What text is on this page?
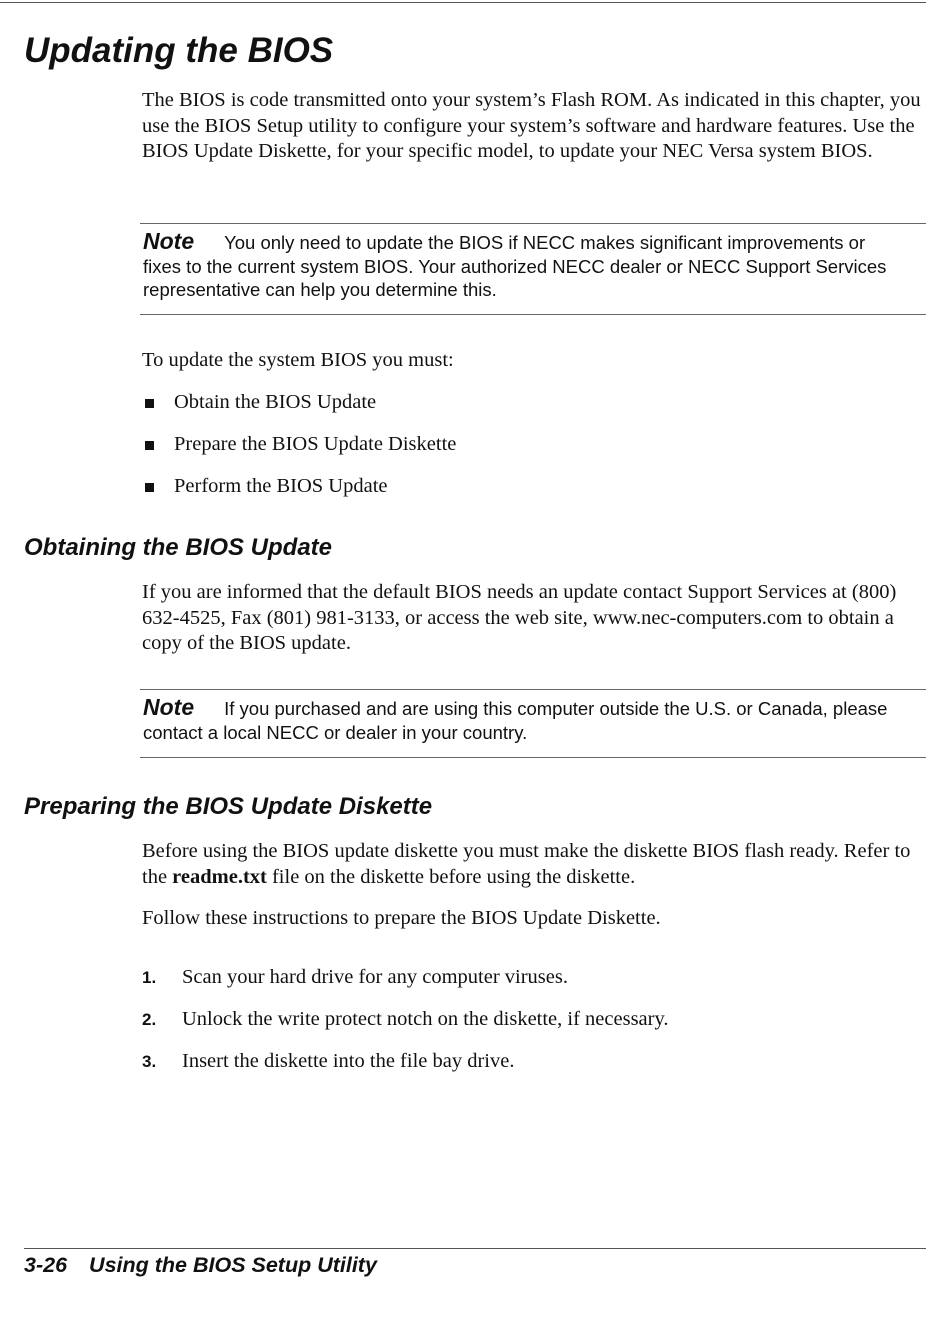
Updating the BIOS

The BIOS is code transmitted onto your system’s Flash ROM. As indicated in this chapter, you use the BIOS Setup utility to configure your system’s software and hardware features. Use the BIOS Update Diskette, for your specific model, to update your NEC Versa system BIOS.

Note You only need to update the BIOS if NECC makes significant improvements or fixes to the current system BIOS. Your authorized NECC dealer or NECC Support Services representative can help you determine this.

To update the system BIOS you must:

Obtain the BIOS Update
Prepare the BIOS Update Diskette
Perform the BIOS Update
Obtaining the BIOS Update

If you are informed that the default BIOS needs an update contact Support Services at (800) 632-4525, Fax (801) 981-3133, or access the web site, www.nec-computers.com to obtain a copy of the BIOS update.

Note If you purchased and are using this computer outside the U.S. or Canada, please contact a local NECC or dealer in your country.
Preparing the BIOS Update Diskette

Before using the BIOS update diskette you must make the diskette BIOS flash ready. Refer to the readme.txt file on the diskette before using the diskette.

Follow these instructions to prepare the BIOS Update Diskette.

1. Scan your hard drive for any computer viruses.
2. Unlock the write protect notch on the diskette, if necessary.
3. Insert the diskette into the file bay drive.
3-26 Using the BIOS Setup Utility
